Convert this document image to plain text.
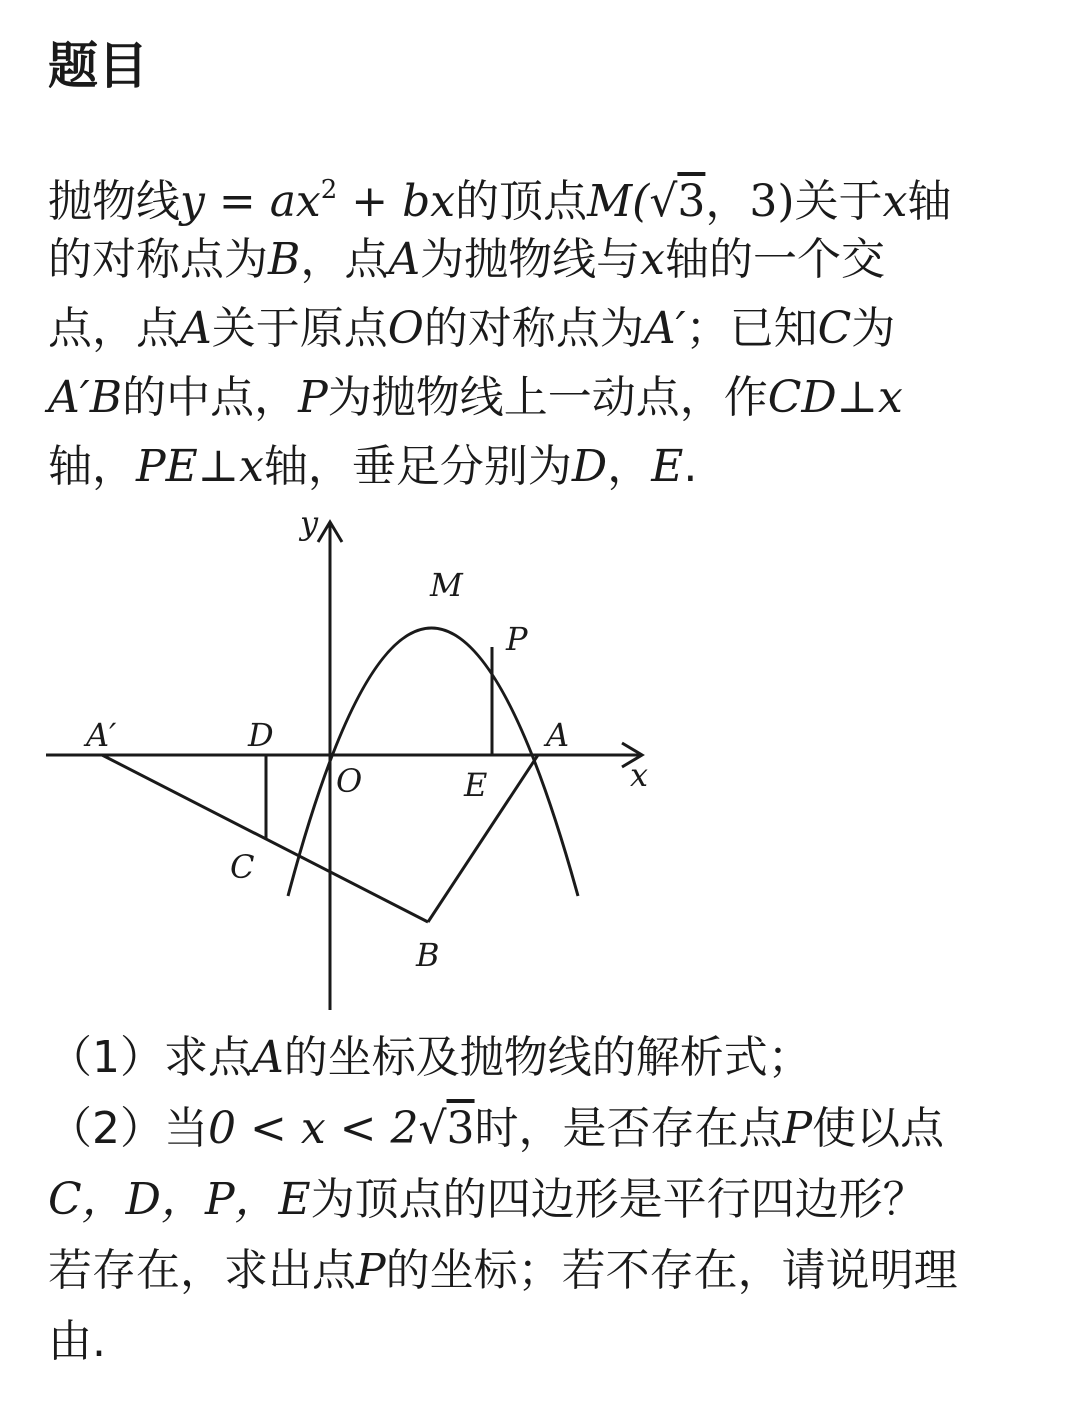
题目
抛物线$y = ax^2$ + bx的顶点M(√3，3)关于x轴
的对称点为B，点A为抛物线与x轴的一个交
点，点A关于原点O的对称点为A′；已知C为
A′B的中点，P为抛物线上一动点，作CD⊥x
轴，PE⊥x轴，垂足分别为D，E.
y
x
M
P
A′	D	A
O	E
C
B
（1）求点A的坐标及抛物线的解析式；
（2）当0 < x < 2√3时，是否存在点P使以点
C，D，P，E为顶点的四边形是平行四边形？
若存在，求出点P的坐标；若不存在，请说明理
由.
